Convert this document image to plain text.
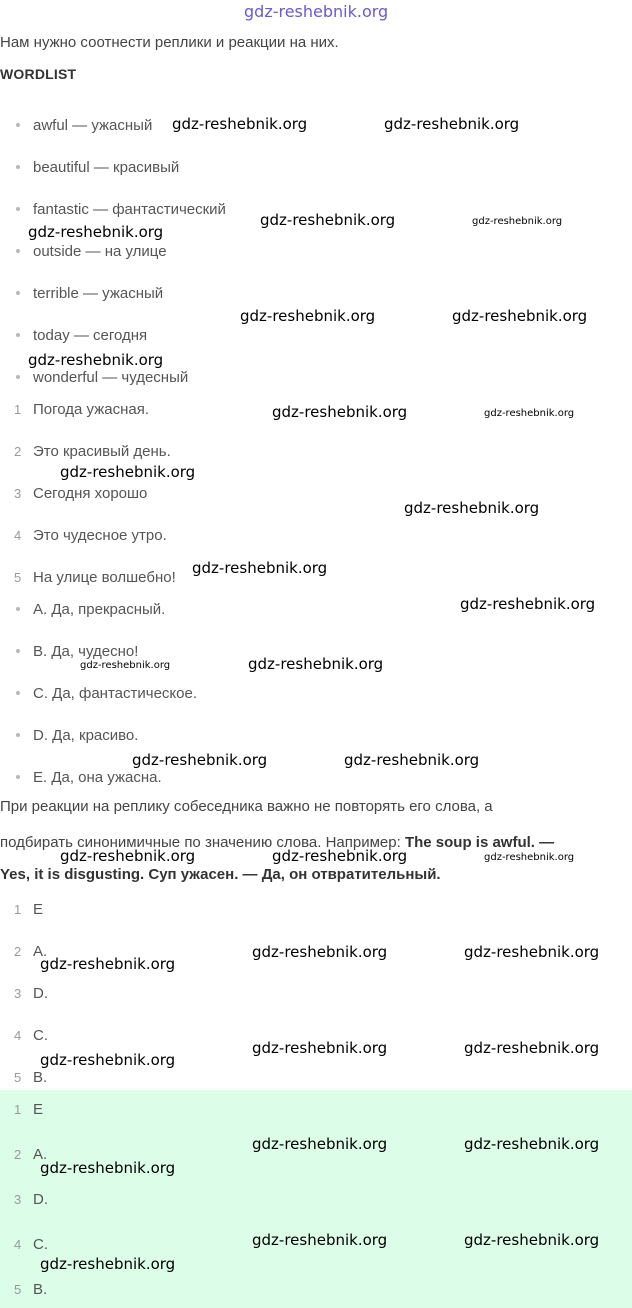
gdz-reshebnik.org
Нам нужно соотнести реплики и реакции на них.
WORDLIST
awful — ужасный
beautiful — красивый
fantastic — фантастический
outside — на улице
terrible — ужасный
today — сегодня
wonderful — чудесный
1 Погода ужасная.
2 Это красивый день.
3 Сегодня хорошо
4 Это чудесное утро.
5 На улице волшебно!
A. Да, прекрасный.
B. Да, чудесно!
C. Да, фантастическое.
D. Да, красиво.
E. Да, она ужасна.
При реакции на реплику собеседника важно не повторять его слова, а
подбирать синонимичные по значению слова. Например: The soup is awful. —
Yes, it is disgusting. Суп ужасен. — Да, он отвратительный.
1 E
2 A.
3 D.
4 C.
5 B.
1 E
2 A.
3 D.
4 C.
5 B.
gdz-reshebnik.org	gdz-reshebnik.org
gdz-reshebnik.org	gdz-reshebnik.org
gdz-reshebnik.org
gdz-reshebnik.org	gdz-reshebnik.org
gdz-reshebnik.org
gdz-reshebnik.org	gdz-reshebnik.org
gdz-reshebnik.org
gdz-reshebnik.org
gdz-reshebnik.org
gdz-reshebnik.org
gdz-reshebnik.org	gdz-reshebnik.org
gdz-reshebnik.org	gdz-reshebnik.org
gdz-reshebnik.org	gdz-reshebnik.org	gdz-reshebnik.org
gdz-reshebnik.org	gdz-reshebnik.org
gdz-reshebnik.org
gdz-reshebnik.org	gdz-reshebnik.org
gdz-reshebnik.org
gdz-reshebnik.org	gdz-reshebnik.org
gdz-reshebnik.org
gdz-reshebnik.org	gdz-reshebnik.org
gdz-reshebnik.org
